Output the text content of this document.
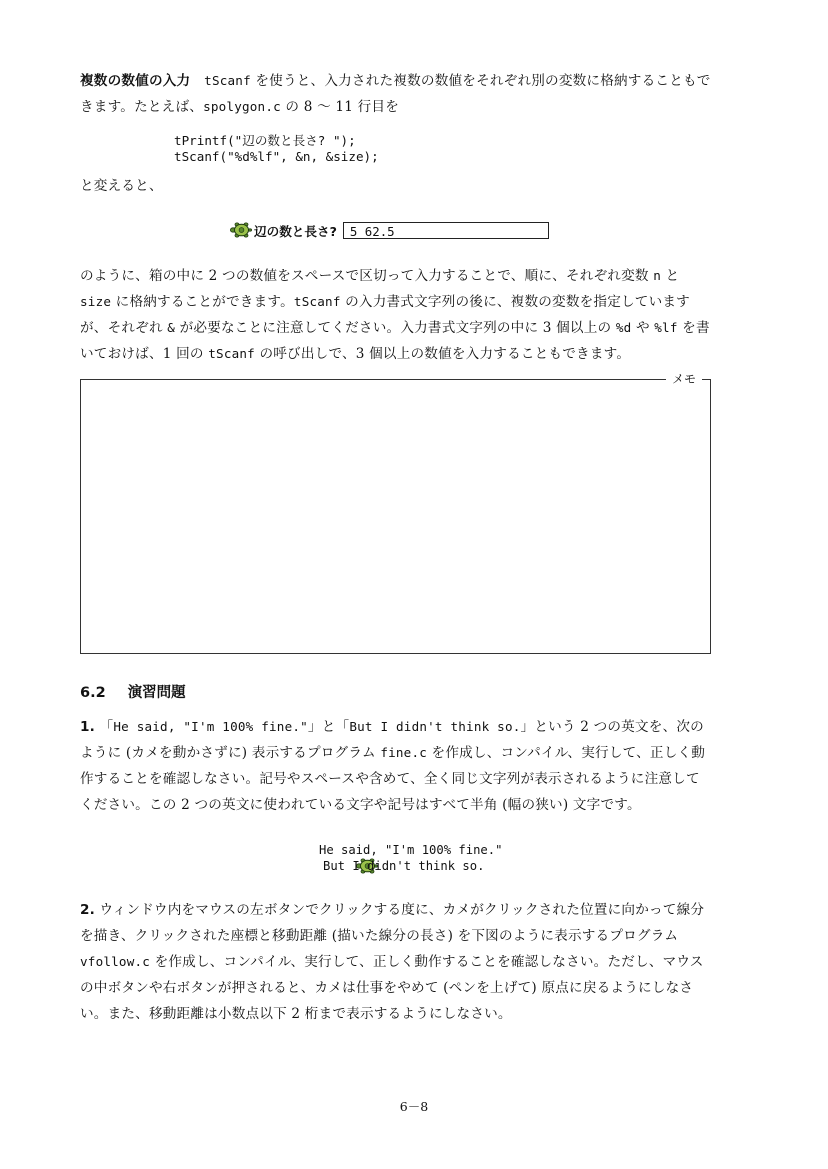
複数の数値の入力　 tScanf を使うと、入力された複数の数値をそれぞれ別の変数に格納することもできます。たとえば、spolygon.c の 8 ～ 11 行目を
tPrintf("辺の数と長さ? ");
tScanf("%d%lf", &n, &size);
と変えると、
辺の数と長さ?	5 62.5
のように、箱の中に 2 つの数値をスペースで区切って入力することで、順に、それぞれ変数 n と size に格納することができます。tScanf の入力書式文字列の後に、複数の変数を指定していますが、それぞれ & が必要なことに注意してください。入力書式文字列の中に 3 個以上の %d や %lf を書いておけば、1 回の tScanf の呼び出しで、3 個以上の数値を入力することもできます。
メモ
6.2 演習問題
1. 「He said, "I'm 100% fine."」と「But I didn't think so.」という 2 つの英文を、次のように (カメを動かさずに) 表示するプログラム fine.c を作成し、コンパイル、実行して、正しく動作することを確認しなさい。記号やスペースや含めて、全く同じ文字列が表示されるように注意してください。この 2 つの英文に使われている文字や記号はすべて半角 (幅の狭い) 文字です。

He said, "I'm 100% fine."
But I didn't think so.
2. ウィンドウ内をマウスの左ボタンでクリックする度に、カメがクリックされた位置に向かって線分を描き、クリックされた座標と移動距離 (描いた線分の長さ) を下図のように表示するプログラム vfollow.c を作成し、コンパイル、実行して、正しく動作することを確認しなさい。ただし、マウスの中ボタンや右ボタンが押されると、カメは仕事をやめて (ペンを上げて) 原点に戻るようにしなさい。また、移動距離は小数点以下 2 桁まで表示するようにしなさい。
6－8
